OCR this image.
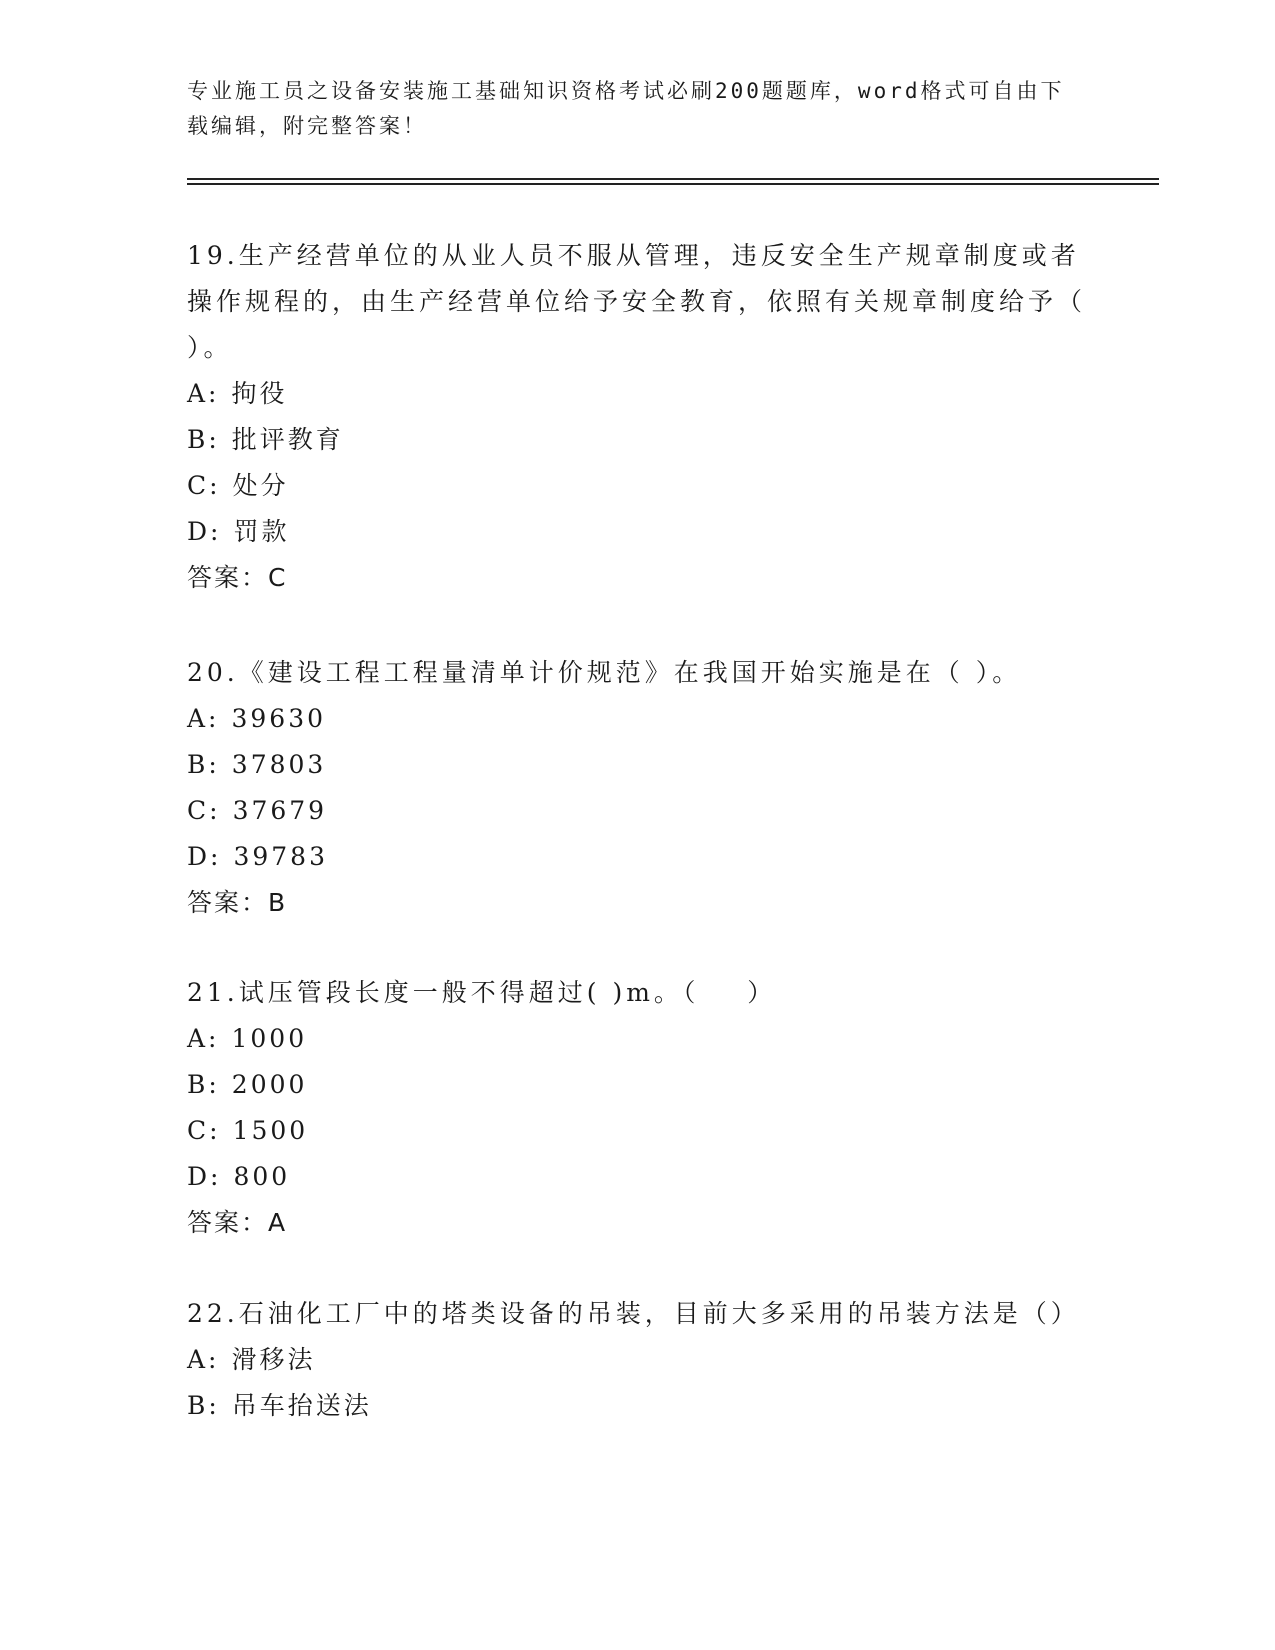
专业施工员之设备安装施工基础知识资格考试必刷200题题库，word格式可自由下载编辑，附完整答案！
19.生产经营单位的从业人员不服从管理，违反安全生产规章制度或者操作规程的，由生产经营单位给予安全教育，依照有关规章制度给予（ ）。
A: 拘役
B: 批评教育
C: 处分
D: 罚款
答案：C
20.《建设工程工程量清单计价规范》在我国开始实施是在（ ）。
A: 39630
B: 37803
C: 37679
D: 39783
答案：B
21.试压管段长度一般不得超过( )m。（    ）
A: 1000
B: 2000
C: 1500
D: 800
答案：A
22.石油化工厂中的塔类设备的吊装，目前大多采用的吊装方法是（）
A: 滑移法
B: 吊车抬送法
